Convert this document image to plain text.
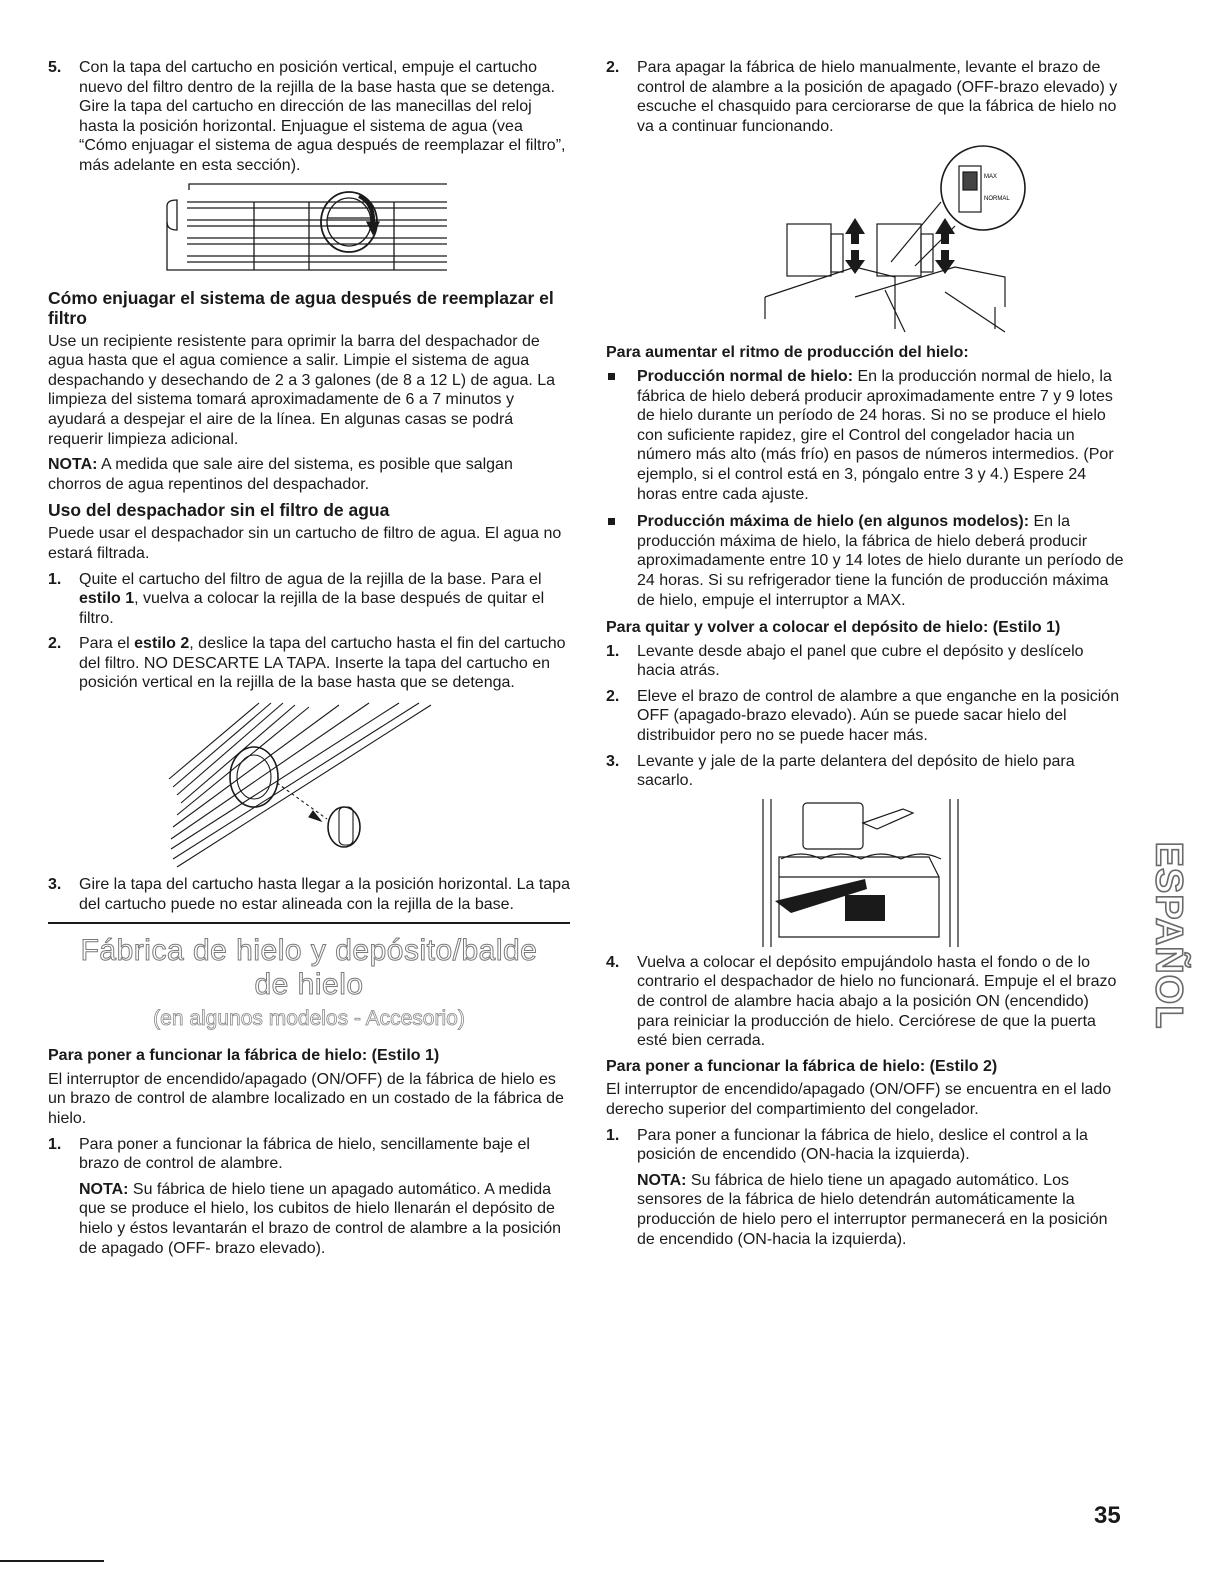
5. Con la tapa del cartucho en posición vertical, empuje el cartucho nuevo del filtro dentro de la rejilla de la base hasta que se detenga. Gire la tapa del cartucho en dirección de las manecillas del reloj hasta la posición horizontal. Enjuague el sistema de agua (vea “Cómo enjuagar el sistema de agua después de reemplazar el filtro”, más adelante en esta sección).
Cómo enjuagar el sistema de agua después de reemplazar el filtro

Use un recipiente resistente para oprimir la barra del despachador de agua hasta que el agua comience a salir. Limpie el sistema de agua despachando y desechando de 2 a 3 galones (de 8 a 12 L) de agua. La limpieza del sistema tomará aproximadamente de 6 a 7 minutos y ayudará a despejar el aire de la línea. En algunas casas se podrá requerir limpieza adicional.

NOTA: A medida que sale aire del sistema, es posible que salgan chorros de agua repentinos del despachador.

Uso del despachador sin el filtro de agua

Puede usar el despachador sin un cartucho de filtro de agua. El agua no estará filtrada.

1. Quite el cartucho del filtro de agua de la rejilla de la base. Para el estilo 1, vuelva a colocar la rejilla de la base después de quitar el filtro.
2. Para el estilo 2, deslice la tapa del cartucho hasta el fin del cartucho del filtro. NO DESCARTE LA TAPA. Inserte la tapa del cartucho en posición vertical en la rejilla de la base hasta que se detenga.
3. Gire la tapa del cartucho hasta llegar a la posición horizontal. La tapa del cartucho puede no estar alineada con la rejilla de la base.
Fábrica de hielo y depósito/balde
de hielo
(en algunos modelos - Accesorio)
Para poner a funcionar la fábrica de hielo: (Estilo 1)

El interruptor de encendido/apagado (ON/OFF) de la fábrica de hielo es un brazo de control de alambre localizado en un costado de la fábrica de hielo.

1. Para poner a funcionar la fábrica de hielo, sencillamente baje el brazo de control de alambre.

NOTA: Su fábrica de hielo tiene un apagado automático. A medida que se produce el hielo, los cubitos de hielo llenarán el depósito de hielo y éstos levantarán el brazo de control de alambre a la posición de apagado (OFF- brazo elevado).

2. Para apagar la fábrica de hielo manualmente, levante el brazo de control de alambre a la posición de apagado (OFF-brazo elevado) y escuche el chasquido para cerciorarse de que la fábrica de hielo no va a continuar funcionando.
MAX
NORMAL
Para aumentar el ritmo de producción del hielo:
Producción normal de hielo: En la producción normal de hielo, la fábrica de hielo deberá producir aproximadamente entre 7 y 9 lotes de hielo durante un período de 24 horas. Si no se produce el hielo con suficiente rapidez, gire el Control del congelador hacia un número más alto (más frío) en pasos de números intermedios. (Por ejemplo, si el control está en 3, póngalo entre 3 y 4.) Espere 24 horas entre cada ajuste.
Producción máxima de hielo (en algunos modelos): En la producción máxima de hielo, la fábrica de hielo deberá producir aproximadamente entre 10 y 14 lotes de hielo durante un período de 24 horas. Si su refrigerador tiene la función de producción máxima de hielo, empuje el interruptor a MAX.
Para quitar y volver a colocar el depósito de hielo: (Estilo 1)
1. Levante desde abajo el panel que cubre el depósito y deslícelo hacia atrás.
2. Eleve el brazo de control de alambre a que enganche en la posición OFF (apagado-brazo elevado). Aún se puede sacar hielo del distribuidor pero no se puede hacer más.
3. Levante y jale de la parte delantera del depósito de hielo para sacarlo.
4. Vuelva a colocar el depósito empujándolo hasta el fondo o de lo contrario el despachador de hielo no funcionará. Empuje el el brazo de control de alambre hacia abajo a la posición ON (encendido) para reiniciar la producción de hielo. Cerciórese de que la puerta esté bien cerrada.
Para poner a funcionar la fábrica de hielo: (Estilo 2)

El interruptor de encendido/apagado (ON/OFF) se encuentra en el lado derecho superior del compartimiento del congelador.

1. Para poner a funcionar la fábrica de hielo, deslice el control a la posición de encendido (ON-hacia la izquierda).

NOTA: Su fábrica de hielo tiene un apagado automático. Los sensores de la fábrica de hielo detendrán automáticamente la producción de hielo pero el interruptor permanecerá en la posición de encendido (ON-hacia la izquierda).

ESPAÑOL
35
